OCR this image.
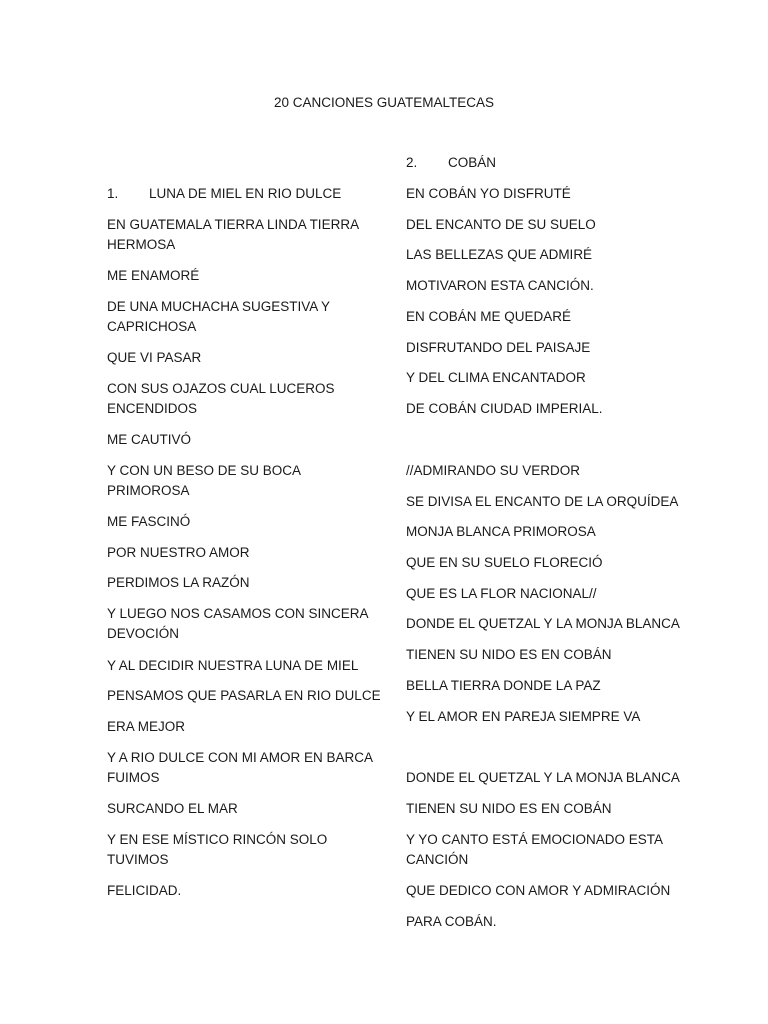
20 CANCIONES GUATEMALTECAS
1. LUNA DE MIEL EN RIO DULCE
EN GUATEMALA TIERRA LINDA TIERRA HERMOSA
ME ENAMORÉ
DE UNA MUCHACHA SUGESTIVA Y CAPRICHOSA
QUE VI PASAR
CON SUS OJAZOS CUAL LUCEROS ENCENDIDOS
ME CAUTIVÓ
Y CON UN BESO DE SU BOCA PRIMOROSA
ME FASCINÓ
POR NUESTRO AMOR
PERDIMOS LA RAZÓN
Y LUEGO NOS CASAMOS CON SINCERA DEVOCIÓN
Y AL DECIDIR NUESTRA LUNA DE MIEL
PENSAMOS QUE PASARLA EN RIO DULCE
ERA MEJOR
Y A RIO DULCE CON MI AMOR EN BARCA FUIMOS
SURCANDO EL MAR
Y EN ESE MÍSTICO RINCÓN SOLO TUVIMOS
FELICIDAD.
2. COBÁN
EN COBÁN YO DISFRUTÉ
DEL ENCANTO DE SU SUELO
LAS BELLEZAS QUE ADMIRÉ
MOTIVARON ESTA CANCIÓN.
EN COBÁN ME QUEDARÉ
DISFRUTANDO DEL PAISAJE
Y DEL CLIMA ENCANTADOR
DE COBÁN CIUDAD IMPERIAL.
//ADMIRANDO SU VERDOR
SE DIVISA EL ENCANTO DE LA ORQUÍDEA
MONJA BLANCA PRIMOROSA
QUE EN SU SUELO FLORECIÓ
QUE ES LA FLOR NACIONAL//
DONDE EL QUETZAL Y LA MONJA BLANCA
TIENEN SU NIDO ES EN COBÁN
BELLA TIERRA DONDE LA PAZ
Y EL AMOR EN PAREJA SIEMPRE VA
DONDE EL QUETZAL Y LA MONJA BLANCA
TIENEN SU NIDO ES EN COBÁN
Y YO CANTO ESTÁ EMOCIONADO ESTA CANCIÓN
QUE DEDICO CON AMOR Y ADMIRACIÓN
PARA COBÁN.
